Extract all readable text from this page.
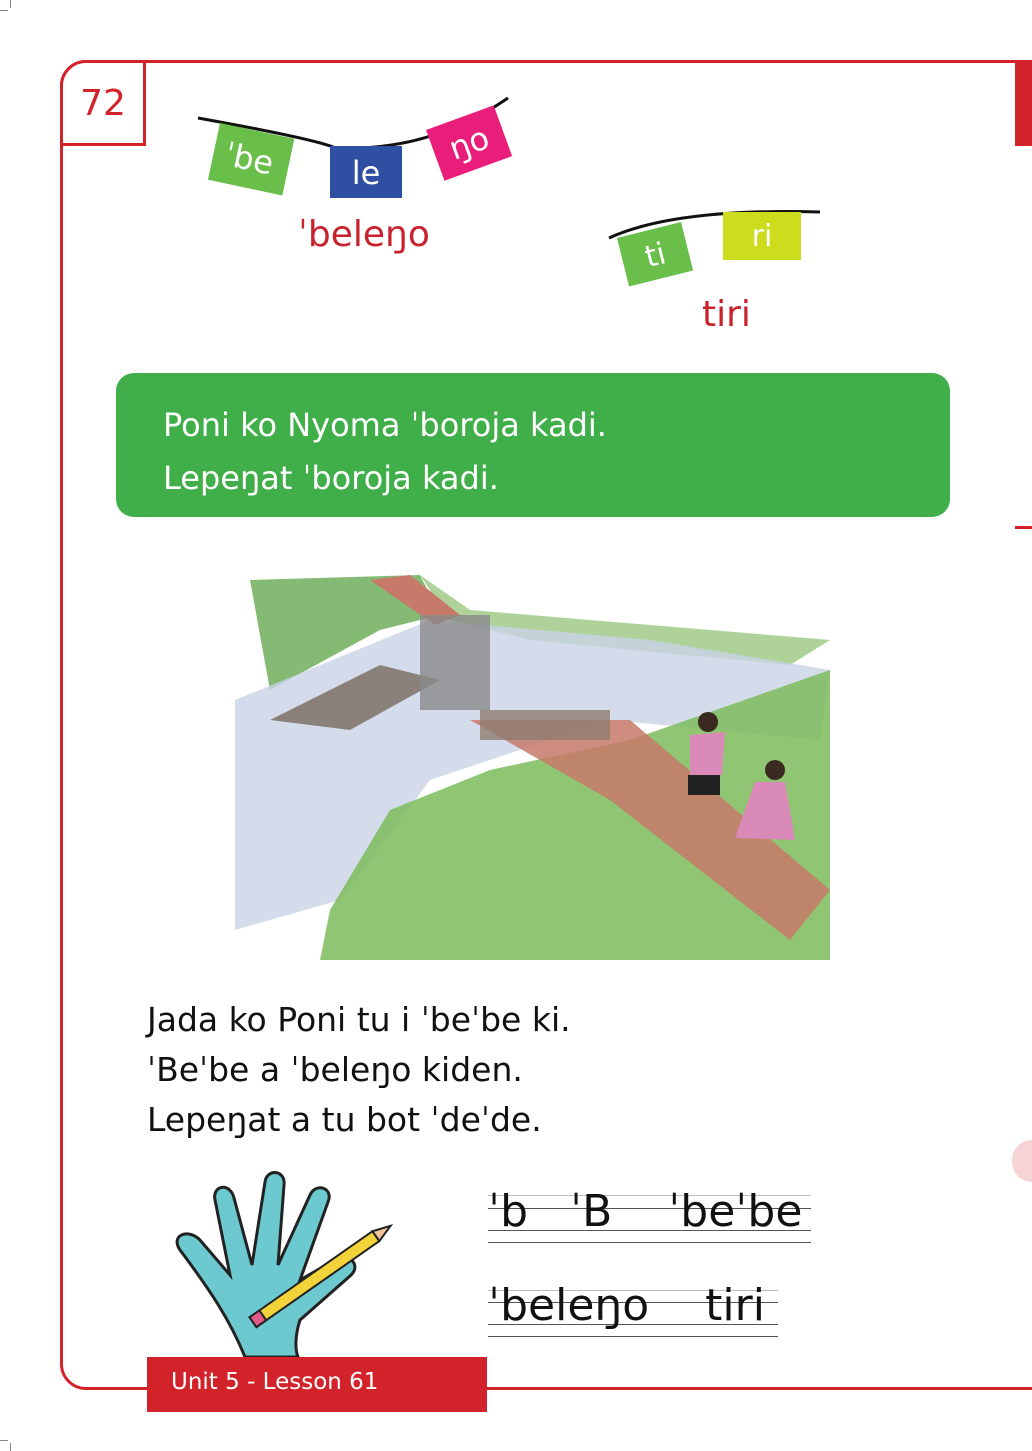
72
ˈbe le
ŋo
ˈbeleŋo
ti	ri
tiri
Poni ko Nyoma ˈboroja kadi.
Lepeŋat ˈboroja kadi.
Jada ko Poni tu i ˈbeˈbe ki.
ˈBeˈbe a ˈbeleŋo kiden.
Lepeŋat a tu bot ˈdeˈde.
ˈb   ˈB    ˈbeˈbe
ˈbeleŋo    tiri
Unit 5 - Lesson 61
